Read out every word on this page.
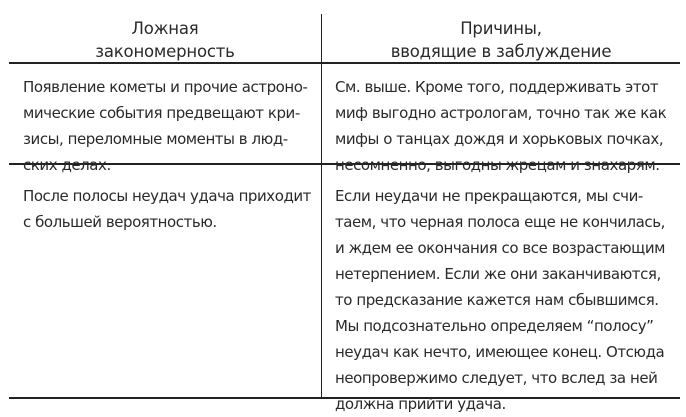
Ложная
закономерность
Причины,
вводящие в заблуждение
Появление кометы и прочие астроно-
мические события предвещают кри-
зисы, переломные моменты в люд-
ских делах.
См. выше. Кроме того, поддерживать этот
миф выгодно астрологам, точно так же как
мифы о танцах дождя и хорьковых почках,
несомненно, выгодны жрецам и знахарям.
После полосы неудач удача приходит
с большей вероятностью.
Если неудачи не прекращаются, мы счи-
таем, что черная полоса еще не кончилась,
и ждем ее окончания со все возрастающим
нетерпением. Если же они заканчиваются,
то предсказание кажется нам сбывшимся.
Мы подсознательно определяем “полосу”
неудач как нечто, имеющее конец. Отсюда
неопровержимо следует, что вслед за ней
должна прийти удача.
